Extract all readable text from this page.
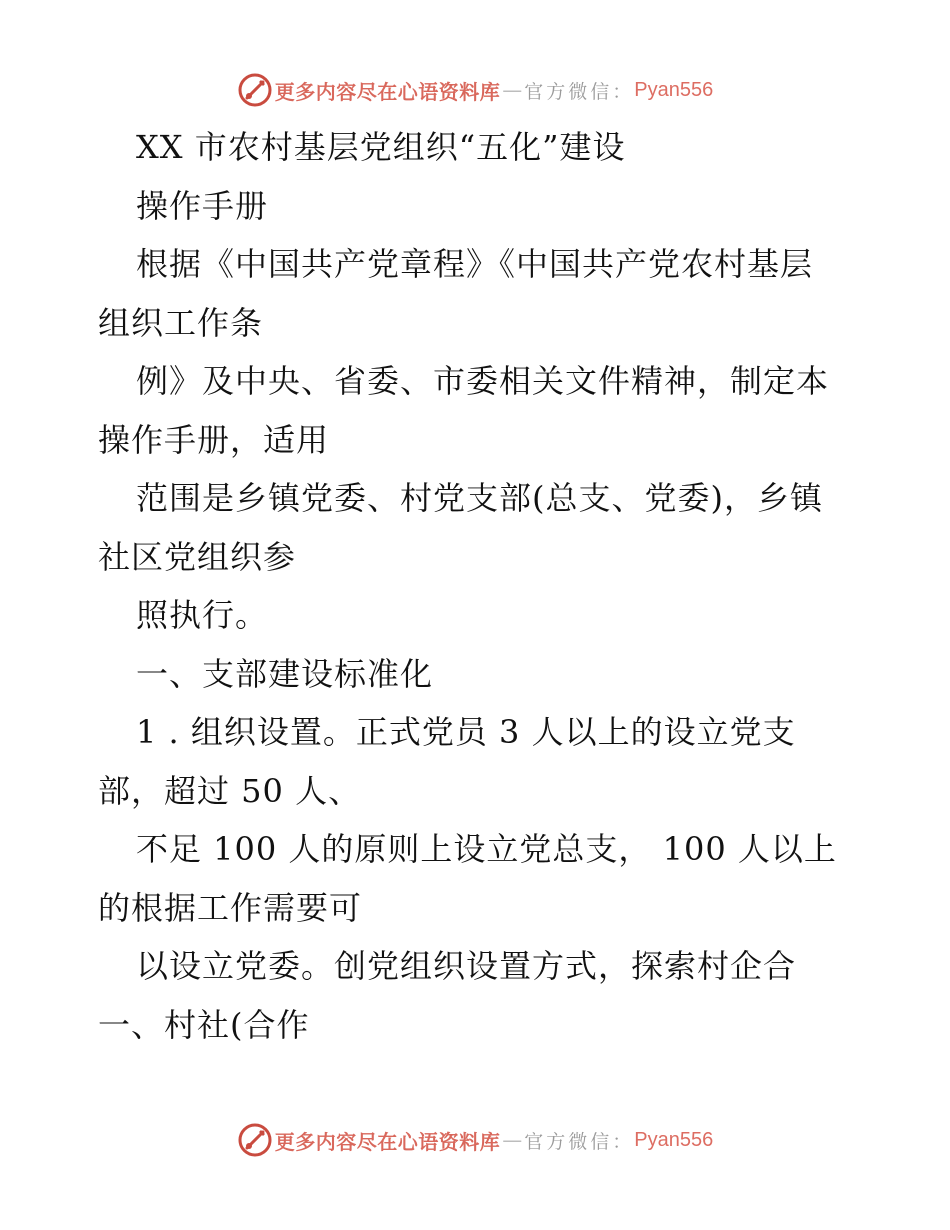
更多内容尽在心语资料库 — 官方微信： Pyan556
XX 市农村基层党组织“五化”建设
操作手册
根据《中国共产党章程》《中国共产党农村基层
组织工作条
例》及中央、省委、市委相关文件精神，制定本
操作手册，适用
范围是乡镇党委、村党支部(总支、党委)，乡镇
社区党组织参
照执行。
一、支部建设标准化
1 . 组织设置。正式党员 3 人以上的设立党支
部，超过 50 人、
不足 100 人的原则上设立党总支， 100 人以上
的根据工作需要可
以设立党委。创党组织设置方式，探索村企合
一、村社(合作
更多内容尽在心语资料库 — 官方微信： Pyan556
